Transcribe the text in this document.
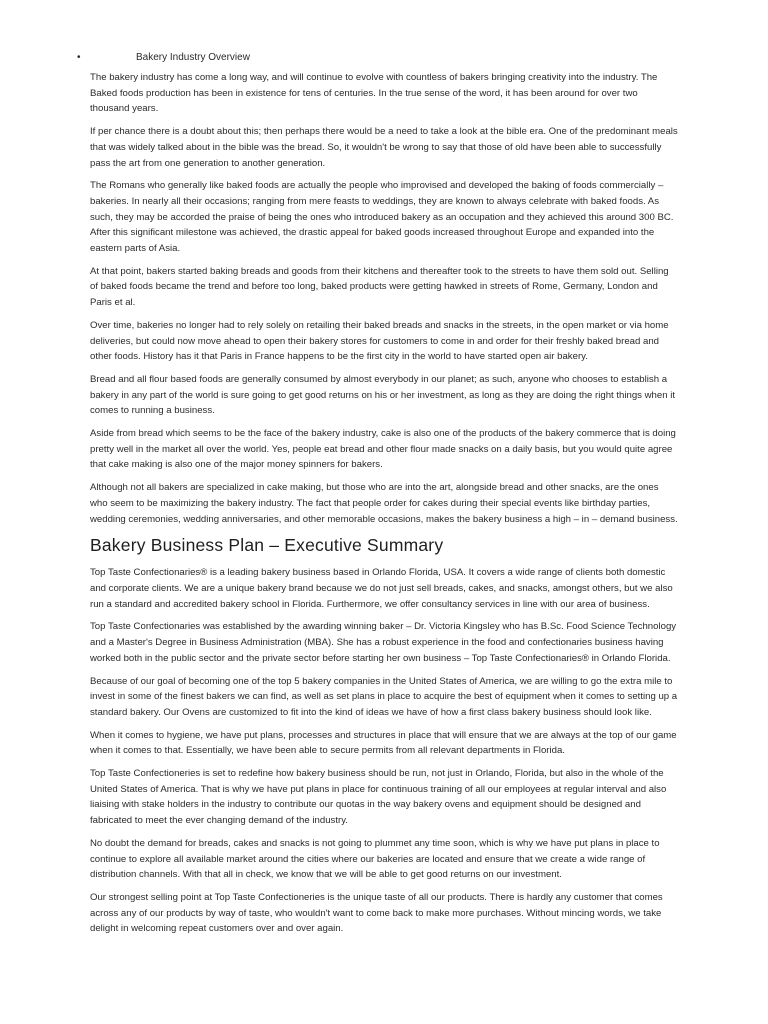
•	Bakery Industry Overview

The bakery industry has come a long way, and will continue to evolve with countless of bakers bringing creativity into the industry. The Baked foods production has been in existence for tens of centuries. In the true sense of the word, it has been around for over two thousand years.

If per chance there is a doubt about this; then perhaps there would be a need to take a look at the bible era. One of the predominant meals that was widely talked about in the bible was the bread. So, it wouldn't be wrong to say that those of old have been able to successfully pass the art from one generation to another generation.

The Romans who generally like baked foods are actually the people who improvised and developed the baking of foods commercially – bakeries. In nearly all their occasions; ranging from mere feasts to weddings, they are known to always celebrate with baked foods. As such, they may be accorded the praise of being the ones who introduced bakery as an occupation and they achieved this around 300 BC. After this significant milestone was achieved, the drastic appeal for baked goods increased throughout Europe and expanded into the eastern parts of Asia.

At that point, bakers started baking breads and goods from their kitchens and thereafter took to the streets to have them sold out. Selling of baked foods became the trend and before too long, baked products were getting hawked in streets of Rome, Germany, London and Paris et al.

Over time, bakeries no longer had to rely solely on retailing their baked breads and snacks in the streets, in the open market or via home deliveries, but could now move ahead to open their bakery stores for customers to come in and order for their freshly baked bread and other foods. History has it that Paris in France happens to be the first city in the world to have started open air bakery.

Bread and all flour based foods are generally consumed by almost everybody in our planet; as such, anyone who chooses to establish a bakery in any part of the world is sure going to get good returns on his or her investment, as long as they are doing the right things when it comes to running a business.

Aside from bread which seems to be the face of the bakery industry, cake is also one of the products of the bakery commerce that is doing pretty well in the market all over the world. Yes, people eat bread and other flour made snacks on a daily basis, but you would quite agree that cake making is also one of the major money spinners for bakers.

Although not all bakers are specialized in cake making, but those who are into the art, alongside bread and other snacks, are the ones who seem to be maximizing the bakery industry. The fact that people order for cakes during their special events like birthday parties, wedding ceremonies, wedding anniversaries, and other memorable occasions, makes the bakery business a high – in – demand business.

Bakery Business Plan – Executive Summary

Top Taste Confectionaries® is a leading bakery business based in Orlando Florida, USA. It covers a wide range of clients both domestic and corporate clients. We are a unique bakery brand because we do not just sell breads, cakes, and snacks, amongst others, but we also run a standard and accredited bakery school in Florida. Furthermore, we offer consultancy services in line with our area of business.

Top Taste Confectionaries was established by the awarding winning baker – Dr. Victoria Kingsley who has B.Sc. Food Science Technology and a Master's Degree in Business Administration (MBA). She has a robust experience in the food and confectionaries business having worked both in the public sector and the private sector before starting her own business – Top Taste Confectionaries® in Orlando Florida.

Because of our goal of becoming one of the top 5 bakery companies in the United States of America, we are willing to go the extra mile to invest in some of the finest bakers we can find, as well as set plans in place to acquire the best of equipment when it comes to setting up a standard bakery. Our Ovens are customized to fit into the kind of ideas we have of how a first class bakery business should look like.

When it comes to hygiene, we have put plans, processes and structures in place that will ensure that we are always at the top of our game when it comes to that. Essentially, we have been able to secure permits from all relevant departments in Florida.

Top Taste Confectioneries is set to redefine how bakery business should be run, not just in Orlando, Florida, but also in the whole of the United States of America. That is why we have put plans in place for continuous training of all our employees at regular interval and also liaising with stake holders in the industry to contribute our quotas in the way bakery ovens and equipment should be designed and fabricated to meet the ever changing demand of the industry.

No doubt the demand for breads, cakes and snacks is not going to plummet any time soon, which is why we have put plans in place to continue to explore all available market around the cities where our bakeries are located and ensure that we create a wide range of distribution channels. With that all in check, we know that we will be able to get good returns on our investment.

Our strongest selling point at Top Taste Confectioneries is the unique taste of all our products. There is hardly any customer that comes across any of our products by way of taste, who wouldn't want to come back to make more purchases. Without mincing words, we take delight in welcoming repeat customers over and over again.
